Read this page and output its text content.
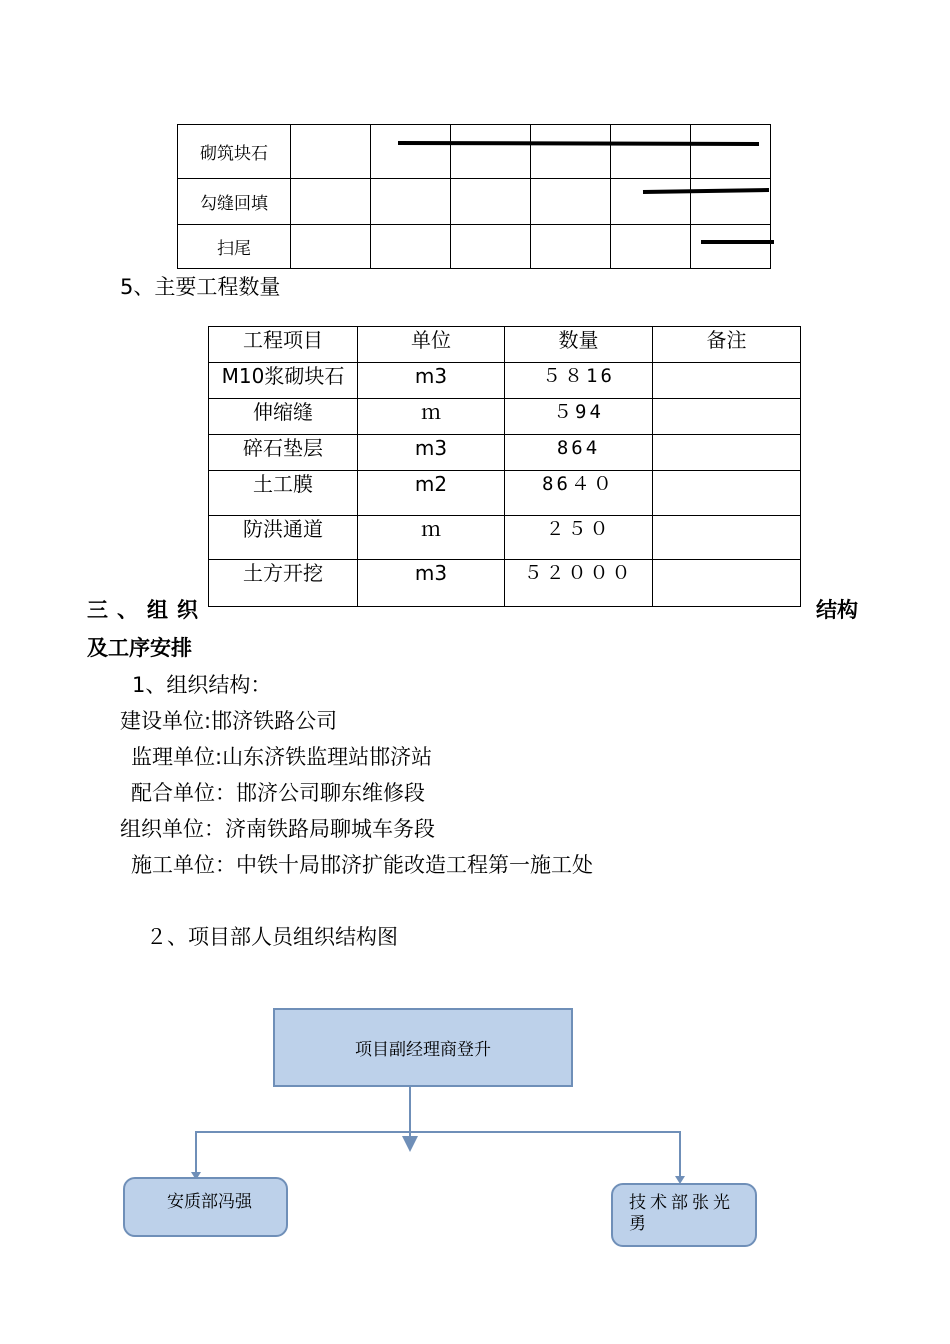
砌筑块石						
勾缝回填						
扫尾						
5、主要工程数量
工程项目	单位	数量	备注
M10浆砌块石	m3	５８16	
伸缩缝	ｍ	５94	
碎石垫层	m3	864	
土工膜	m2	86４０	
防洪通道	ｍ	２５０	
土方开挖	m3	５２０００	
三、组织	结构
及工序安排
1、组织结构：
建设单位:邯济铁路公司
监理单位:山东济铁监理站邯济站
配合单位：邯济公司聊东维修段
组织单位：济南铁路局聊城车务段
施工单位：中铁十局邯济扩能改造工程第一施工处
２、项目部人员组织结构图
项目副经理商登升
安质部冯强	技术部张光勇
